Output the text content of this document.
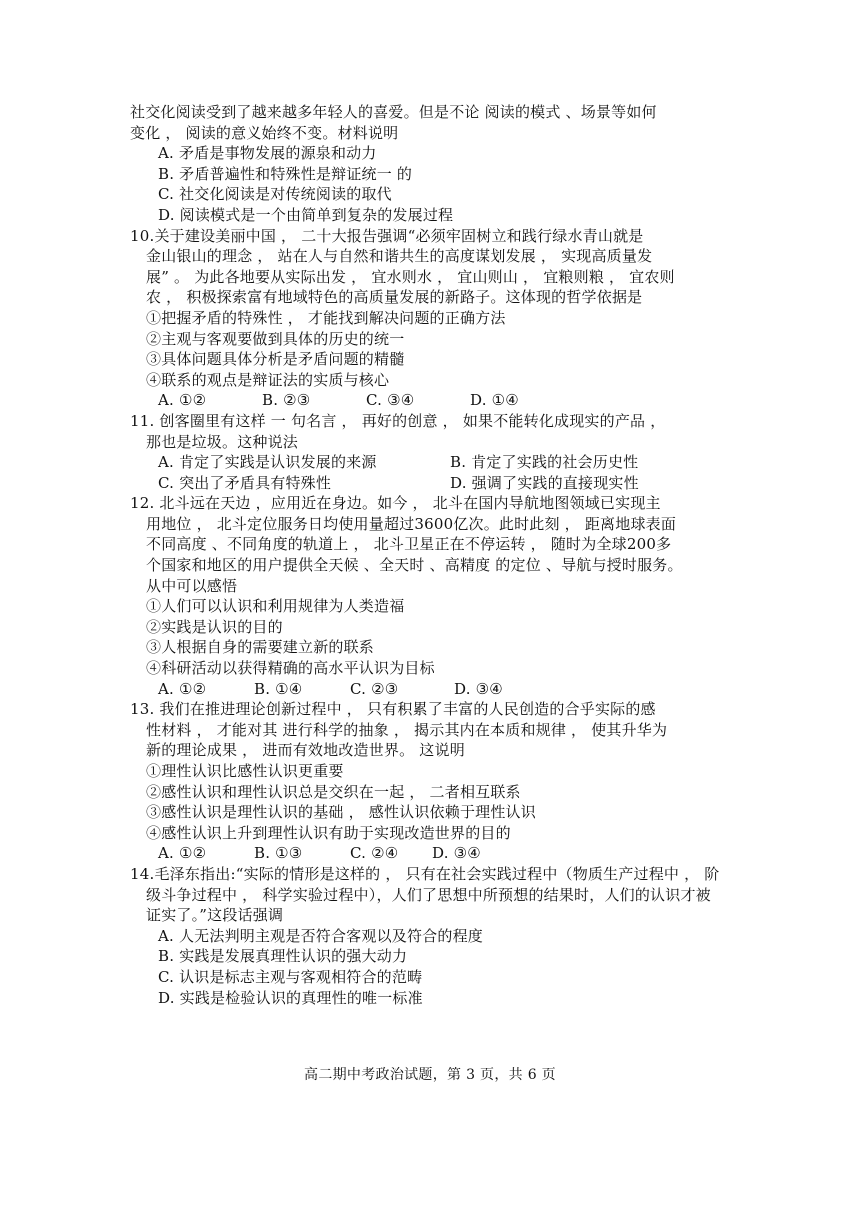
社交化阅读受到了越来越多年轻人的喜爱。但是不论 阅读的模式 、场景等如何
变化 ， 阅读的意义始终不变。材料说明
A. 矛盾是事物发展的源泉和动力
B. 矛盾普遍性和特殊性是辩证统一 的
C. 社交化阅读是对传统阅读的取代
D. 阅读模式是一个由简单到复杂的发展过程
10.关于建设美丽中国 ， 二十大报告强调“必须牢固树立和践行绿水青山就是
金山银山的理念 ， 站在人与自然和谐共生的高度谋划发展 ， 实现高质量发
展” 。 为此各地要从实际出发 ， 宜水则水 ， 宜山则山 ， 宜粮则粮 ， 宜农则
农 ， 积极探索富有地域特色的高质量发展的新路子。这体现的哲学依据是
①把握矛盾的特殊性 ， 才能找到解决问题的正确方法
②主观与客观要做到具体的历史的统一
③具体问题具体分析是矛盾问题的精髓
④联系的观点是辩证法的实质与核心
A. ①②	B. ②③	C. ③④	D. ①④
11. 创客圈里有这样 一 句名言 ， 再好的创意 ， 如果不能转化成现实的产品 ，
那也是垃圾。这种说法
A. 肯定了实践是认识发展的来源	B. 肯定了实践的社会历史性
C. 突出了矛盾具有特殊性	D. 强调了实践的直接现实性
12. 北斗远在天边 ，应用近在身边。如今 ， 北斗在国内导航地图领域已实现主
用地位 ， 北斗定位服务日均使用量超过3600亿次。此时此刻 ， 距离地球表面
不同高度 、不同角度的轨道上 ， 北斗卫星正在不停运转 ， 随时为全球200多
个国家和地区的用户提供全天候 、全天时 、高精度 的定位 、导航与授时服务。
从中可以感悟
①人们可以认识和利用规律为人类造福
②实践是认识的目的
③人根据自身的需要建立新的联系
④科研活动以获得精确的高水平认识为目标
A. ①②	B. ①④	C. ②③	D. ③④
13. 我们在推进理论创新过程中 ， 只有积累了丰富的人民创造的合乎实际的感
性材料 ， 才能对其 进行科学的抽象 ， 揭示其内在本质和规律 ， 使其升华为
新的理论成果 ， 进而有效地改造世界。 这说明
①理性认识比感性认识更重要
②感性认识和理性认识总是交织在一起 ， 二者相互联系
③感性认识是理性认识的基础 ， 感性认识依赖于理性认识
④感性认识上升到理性认识有助于实现改造世界的目的
A. ①②	B. ①③	C. ②④	D. ③④
14.毛泽东指出:“实际的情形是这样的 ， 只有在社会实践过程中（物质生产过程中 ， 阶
级斗争过程中 ， 科学实验过程中），人们了思想中所预想的结果时，人们的认识才被
证实了。”这段话强调
A. 人无法判明主观是否符合客观以及符合的程度
B. 实践是发展真理性认识的强大动力
C. 认识是标志主观与客观相符合的范畴
D. 实践是检验认识的真理性的唯一标准
高二期中考政治试题，第 3 页，共 6 页
